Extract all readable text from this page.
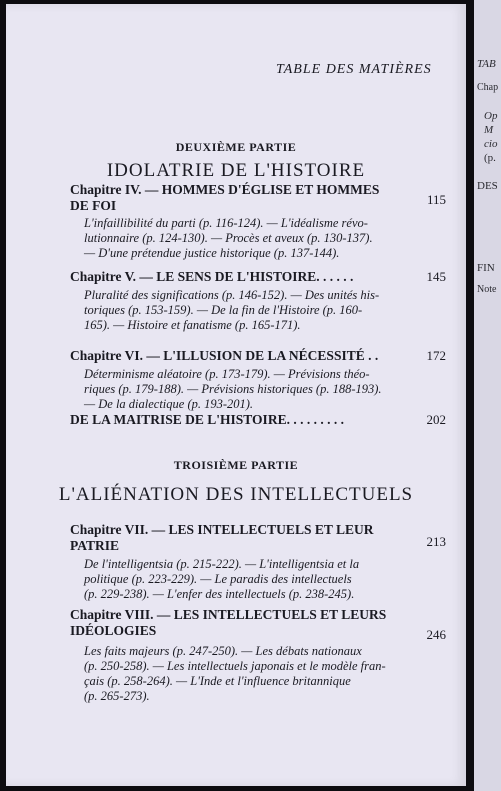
TABLE DES MATIÈRES
DEUXIÈME PARTIE
IDOLATRIE DE L'HISTOIRE
Chapitre IV. — HOMMES D'ÉGLISE ET HOMMES
DE FOI	115
L'infaillibilité du parti (p. 116-124). — L'idéalisme révo-
lutionnaire (p. 124-130). — Procès et aveux (p. 130-137).
— D'une prétendue justice historique (p. 137-144).
Chapitre V. — LE SENS DE L'HISTOIRE. . . . . .	145
Pluralité des significations (p. 146-152). — Des unités his-
toriques (p. 153-159). — De la fin de l'Histoire (p. 160-
165). — Histoire et fanatisme (p. 165-171).
Chapitre VI. — L'ILLUSION DE LA NÉCESSITÉ . .	172
Déterminisme aléatoire (p. 173-179). — Prévisions théo-
riques (p. 179-188). — Prévisions historiques (p. 188-193).
— De la dialectique (p. 193-201).
DE LA MAITRISE DE L'HISTOIRE. . . . . . . . .	202
TROISIÈME PARTIE
L'ALIÉNATION DES INTELLECTUELS
Chapitre VII. — LES INTELLECTUELS ET LEUR
PATRIE	213
De l'intelligentsia (p. 215-222). — L'intelligentsia et la
politique (p. 223-229). — Le paradis des intellectuels
(p. 229-238). — L'enfer des intellectuels (p. 238-245).
Chapitre VIII. — LES INTELLECTUELS ET LEURS
IDÉOLOGIES	246
Les faits majeurs (p. 247-250). — Les débats nationaux
(p. 250-258). — Les intellectuels japonais et le modèle fran-
çais (p. 258-264). — L'Inde et l'influence britannique
(p. 265-273).
TAB
Chap
Op
M
cio
(p.
DES
FIN
Note
